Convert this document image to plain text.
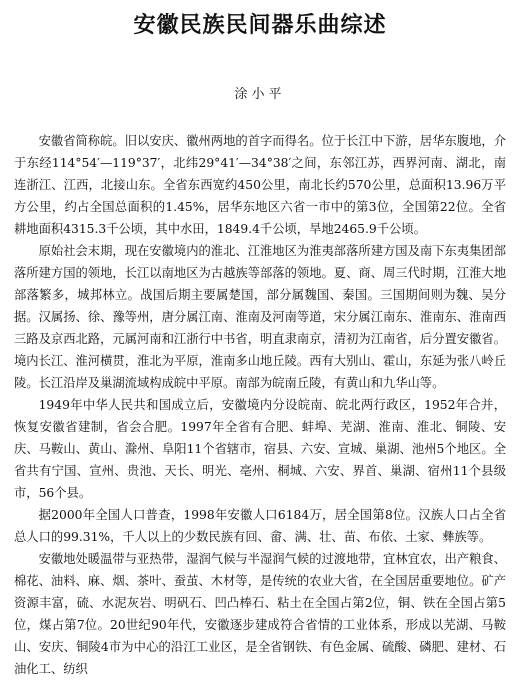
安徽民族民间器乐曲综述
涂小平

安徽省简称皖。旧以安庆、徽州两地的首字而得名。位于长江中下游，居华东腹地，介于东经114°54′—119°37′，北纬29°41′—34°38′之间，东邻江苏，西界河南、湖北，南连浙江、江西，北接山东。全省东西宽约450公里，南北长约570公里，总面积13.96万平方公里，约占全国总面积的1.45%，居华东地区六省一市中的第3位，全国第22位。全省耕地面积4315.3千公顷，其中水田，1849.4千公顷，旱地2465.9千公顷。

原始社会末期，现在安徽境内的淮北、江淮地区为淮夷部落所建方国及南下东夷集团部落所建方国的领地，长江以南地区为古越族等部落的领地。夏、商、周三代时期，江淮大地部落繁多，城邦林立。战国后期主要属楚国，部分属魏国、秦国。三国期间则为魏、吴分据。汉属扬、徐、豫等州，唐分属江南、淮南及河南等道，宋分属江南东、淮南东、淮南西三路及京西北路，元属河南和江浙行中书省，明直隶南京，清初为江南省，后分置安徽省。境内长江、淮河横贯，淮北为平原，淮南多山地丘陵。西有大别山、霍山，东延为张八岭丘陵。长江沿岸及巢湖流域构成皖中平原。南部为皖南丘陵，有黄山和九华山等。

1949年中华人民共和国成立后，安徽境内分设皖南、皖北两行政区，1952年合并，恢复安徽省建制，省会合肥。1997年全省有合肥、蚌埠、芜湖、淮南、淮北、铜陵、安庆、马鞍山、黄山、滁州、阜阳11个省辖市，宿县、六安、宣城、巢湖、池州5个地区。全省共有宁国、宣州、贵池、天长、明光、亳州、桐城、六安、界首、巢湖、宿州11个县级市，56个县。

据2000年全国人口普查，1998年安徽人口6184万，居全国第8位。汉族人口占全省总人口的99.31%，千人以上的少数民族有回、畲、满、壮、苗、布依、土家、彝族等。

安徽地处暖温带与亚热带，湿润气候与半湿润气候的过渡地带，宜林宜农，出产粮食、棉花、油料、麻、烟、茶叶、蚕茧、木材等，是传统的农业大省，在全国居重要地位。矿产资源丰富，硫、水泥灰岩、明矾石、凹凸棒石、粘土在全国占第2位，铜、铁在全国占第5位，煤占第7位。20世纪90年代，安徽逐步建成符合省情的工业体系，形成以芜湖、马鞍山、安庆、铜陵4市为中心的沿江工业区，是全省钢铁、有色金属、硫酸、磷肥、建材、石油化工、纺织
